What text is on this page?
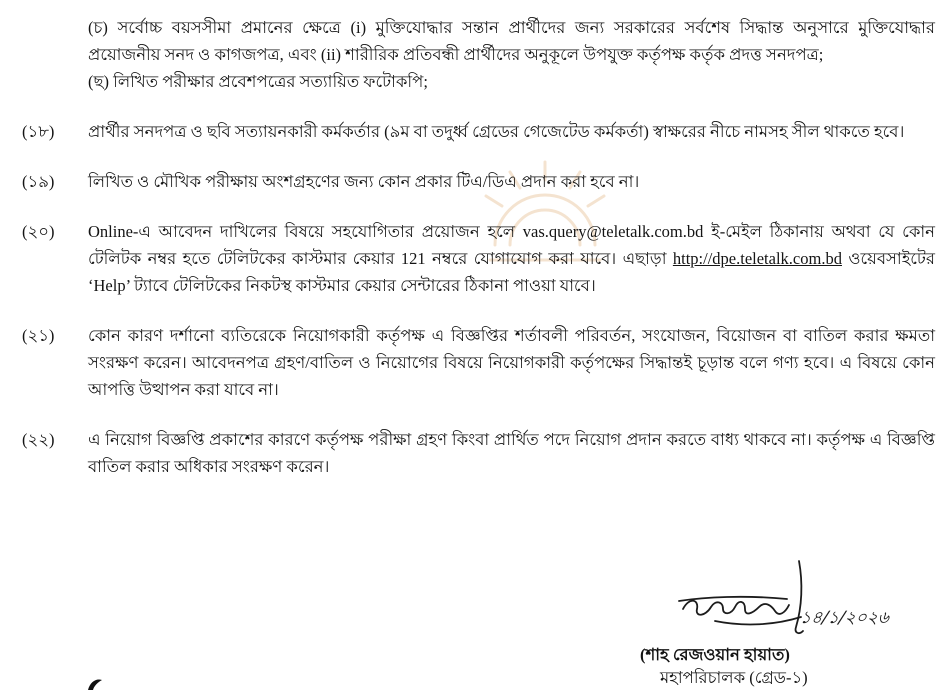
(চ) সর্বোচ্চ বয়সসীমা প্রমানের ক্ষেত্রে (i) মুক্তিযোদ্ধার সন্তান প্রার্থীদের জন্য সরকারের সর্বশেষ সিদ্ধান্ত অনুসারে মুক্তিযোদ্ধার প্রয়োজনীয় সনদ ও কাগজপত্র, এবং (ii) শারীরিক প্রতিবন্ধী প্রার্থীদের অনুকূলে উপযুক্ত কর্তৃপক্ষ কর্তৃক প্রদত্ত সনদপত্র;
(ছ) লিখিত পরীক্ষার প্রবেশপত্রের সত্যায়িত ফটোকপি;
(১৮)	প্রার্থীর সনদপত্র ও ছবি সত্যায়নকারী কর্মকর্তার (৯ম বা তদুর্ধ্ব গ্রেডের গেজেটেড কর্মকর্তা) স্বাক্ষরের নীচে নামসহ সীল থাকতে হবে।
(১৯)	লিখিত ও মৌখিক পরীক্ষায় অংশগ্রহণের জন্য কোন প্রকার টিএ/ডিএ প্রদান করা হবে না।
(২০)	Online-এ আবেদন দাখিলের বিষয়ে সহযোগিতার প্রয়োজন হলে vas.query@teletalk.com.bd ই-মেইল ঠিকানায় অথবা যে কোন টেলিটক নম্বর হতে টেলিটকের কাস্টমার কেয়ার 121 নম্বরে যোগাযোগ করা যাবে। এছাড়া http://dpe.teletalk.com.bd ওয়েবসাইটের ‘Help’ ট্যাবে টেলিটকের নিকটস্থ কাস্টমার কেয়ার সেন্টারের ঠিকানা পাওয়া যাবে।
(২১)	কোন কারণ দর্শানো ব্যতিরেকে নিয়োগকারী কর্তৃপক্ষ এ বিজ্ঞপ্তির শর্তাবলী পরিবর্তন, সংযোজন, বিয়োজন বা বাতিল করার ক্ষমতা সংরক্ষণ করেন। আবেদনপত্র গ্রহণ/বাতিল ও নিয়োগের বিষয়ে নিয়োগকারী কর্তৃপক্ষের সিদ্ধান্তই চূড়ান্ত বলে গণ্য হবে। এ বিষয়ে কোন আপত্তি উত্থাপন করা যাবে না।
(২২)	এ নিয়োগ বিজ্ঞপ্তি প্রকাশের কারণে কর্তৃপক্ষ পরীক্ষা গ্রহণ কিংবা প্রার্থিত পদে নিয়োগ প্রদান করতে বাধ্য থাকবে না। কর্তৃপক্ষ এ বিজ্ঞপ্তি বাতিল করার অধিকার সংরক্ষণ করেন।
১৪/১/২০২৬
(শাহ রেজওয়ান হায়াত)
মহাপরিচালক (গ্রেড-১)
